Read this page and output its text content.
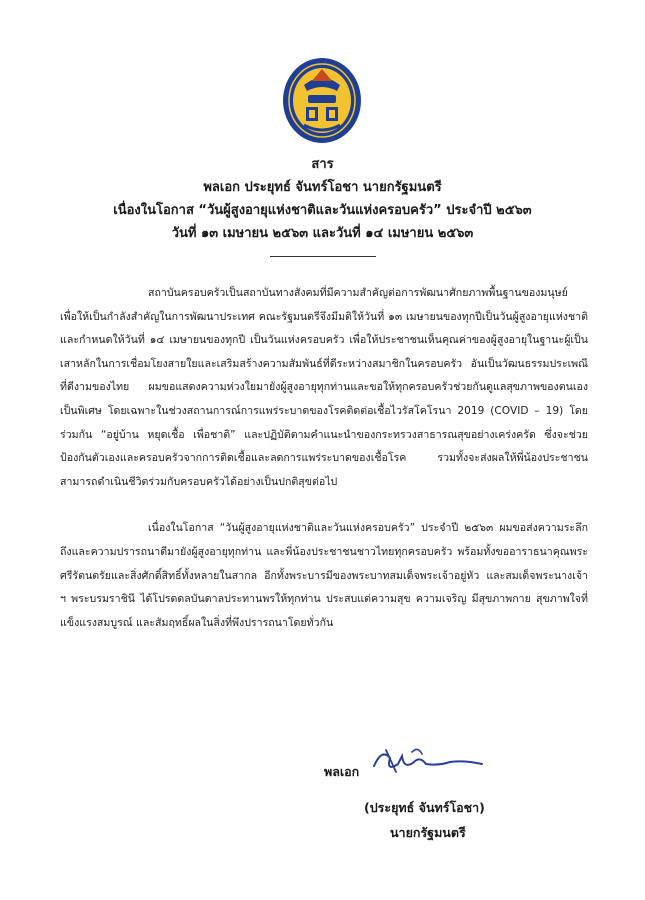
สาร
พลเอก ประยุทธ์ จันทร์โอชา นายกรัฐมนตรี
เนื่องในโอกาส “วันผู้สูงอายุแห่งชาติและวันแห่งครอบครัว” ประจำปี ๒๕๖๓
วันที่ ๑๓ เมษายน ๒๕๖๓ และวันที่ ๑๔ เมษายน ๒๕๖๓

สถาบันครอบครัวเป็นสถาบันทางสังคมที่มีความสำคัญต่อการพัฒนาศักยภาพพื้นฐานของมนุษย์ เพื่อให้เป็นกำลังสำคัญในการพัฒนาประเทศ คณะรัฐมนตรีจึงมีมติให้วันที่ ๑๓ เมษายนของทุกปีเป็นวันผู้สูงอายุแห่งชาติ และกำหนดให้วันที่ ๑๔ เมษายนของทุกปี เป็นวันแห่งครอบครัว เพื่อให้ประชาชนเห็นคุณค่าของผู้สูงอายุในฐานะผู้เป็นเสาหลักในการเชื่อมโยงสายใยและเสริมสร้างความสัมพันธ์ที่ดีระหว่างสมาชิกในครอบครัว อันเป็นวัฒนธรรมประเพณีที่ดีงามของไทย ผมขอแสดงความห่วงใยมายังผู้สูงอายุทุกท่านและขอให้ทุกครอบครัวช่วยกันดูแลสุขภาพของตนเองเป็นพิเศษ โดยเฉพาะในช่วงสถานการณ์การแพร่ระบาดของโรคติดต่อเชื้อไวรัสโคโรนา 2019 (COVID – 19) โดยร่วมกัน “อยู่บ้าน หยุดเชื้อ เพื่อชาติ” และปฏิบัติตามคำแนะนำของกระทรวงสาธารณสุขอย่างเคร่งครัด ซึ่งจะช่วยป้องกันตัวเองและครอบครัวจากการติดเชื้อและลดการแพร่ระบาดของเชื้อโรค รวมทั้งจะส่งผลให้พี่น้องประชาชนสามารถดำเนินชีวิตร่วมกับครอบครัวได้อย่างเป็นปกติสุขต่อไป

เนื่องในโอกาส “วันผู้สูงอายุแห่งชาติและวันแห่งครอบครัว” ประจำปี ๒๕๖๓ ผมขอส่งความระลึกถึงและความปรารถนาดีมายังผู้สูงอายุทุกท่าน และพี่น้องประชาชนชาวไทยทุกครอบครัว พร้อมทั้งขออาราธนาคุณพระศรีรัตนตรัยและสิ่งศักดิ์สิทธิ์ทั้งหลายในสากล อีกทั้งพระบารมีของพระบาทสมเด็จพระเจ้าอยู่หัว และสมเด็จพระนางเจ้า ฯ พระบรมราชินี ได้โปรดดลบันดาลประทานพรให้ทุกท่าน ประสบแต่ความสุข ความเจริญ มีสุขภาพกาย สุขภาพใจที่แข็งแรงสมบูรณ์ และสัมฤทธิ์ผลในสิ่งที่พึงปรารถนาโดยทั่วกัน

พลเอก
(ประยุทธ์ จันทร์โอชา)
นายกรัฐมนตรี
